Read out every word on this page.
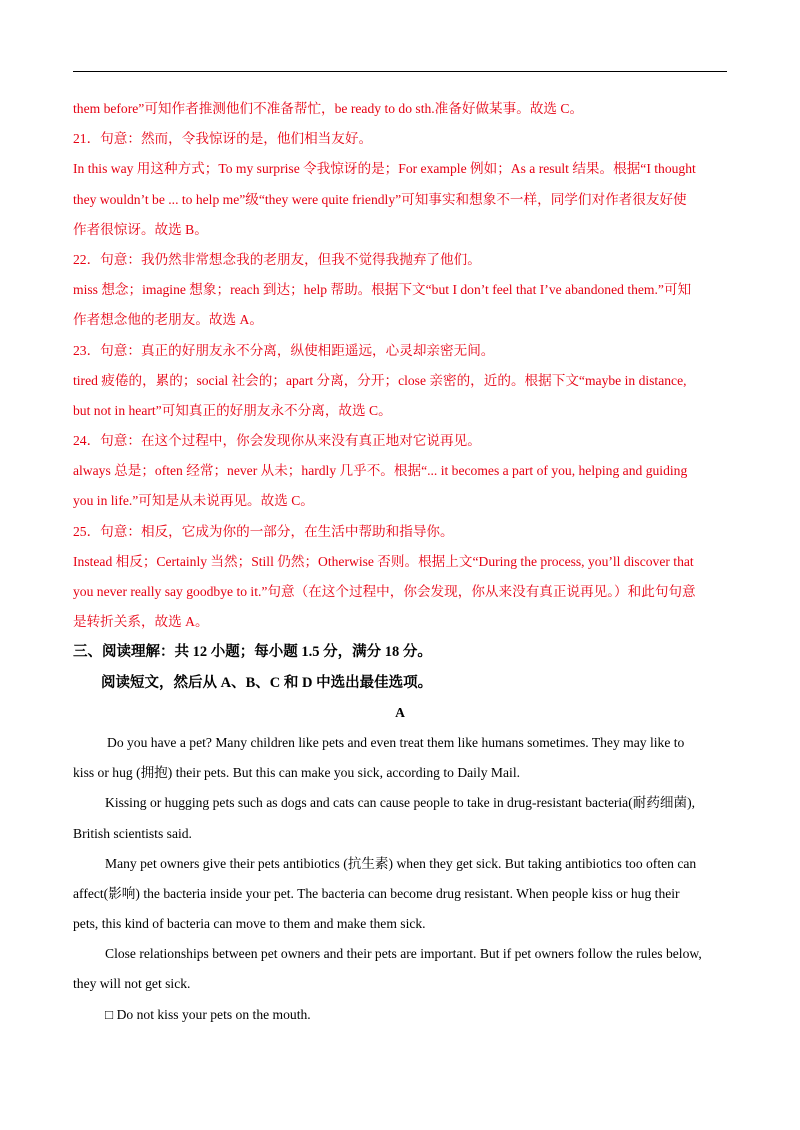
them before”可知作者推测他们不准备帮忙，be ready to do sth.准备好做某事。故选 C。
21．句意：然而，令我惊讶的是，他们相当友好。
In this way 用这种方式；To my surprise 令我惊讶的是；For example 例如；As a result 结果。根据“I thought
they wouldn’t be ... to help me”级“they were quite friendly”可知事实和想象不一样，同学们对作者很友好使
作者很惊讶。故选 B。
22．句意：我仍然非常想念我的老朋友，但我不觉得我抛弃了他们。
miss 想念；imagine 想象；reach 到达；help 帮助。根据下文“but I don’t feel that I’ve abandoned them.”可知
作者想念他的老朋友。故选 A。
23．句意：真正的好朋友永不分离，纵使相距遥远，心灵却亲密无间。
tired 疲倦的，累的；social 社会的；apart 分离，分开；close 亲密的，近的。根据下文“maybe in distance,
but not in heart”可知真正的好朋友永不分离，故选 C。
24．句意：在这个过程中，你会发现你从来没有真正地对它说再见。
always 总是；often 经常；never 从未；hardly 几乎不。根据“... it becomes a part of you, helping and guiding
you in life.”可知是从未说再见。故选 C。
25．句意：相反，它成为你的一部分，在生活中帮助和指导你。
Instead 相反；Certainly 当然；Still 仍然；Otherwise 否则。根据上文“During the process, you’ll discover that
you never really say goodbye to it.”句意（在这个过程中，你会发现，你从来没有真正说再见。）和此句句意
是转折关系，故选 A。
三、阅读理解：共 12 小题；每小题 1.5 分，满分 18 分。
阅读短文，然后从 A、B、C 和 D 中选出最佳选项。
A
Do you have a pet? Many children like pets and even treat them like humans sometimes. They may like to
kiss or hug (拥抱) their pets. But this can make you sick, according to Daily Mail.
Kissing or hugging pets such as dogs and cats can cause people to take in drug-resistant bacteria(耐药细菌),
British scientists said.
Many pet owners give their pets antibiotics (抗生素) when they get sick. But taking antibiotics too often can
affect(影响) the bacteria inside your pet. The bacteria can become drug resistant. When people kiss or hug their
pets, this kind of bacteria can move to them and make them sick.
Close relationships between pet owners and their pets are important. But if pet owners follow the rules below,
they will not get sick.
□ Do not kiss your pets on the mouth.
